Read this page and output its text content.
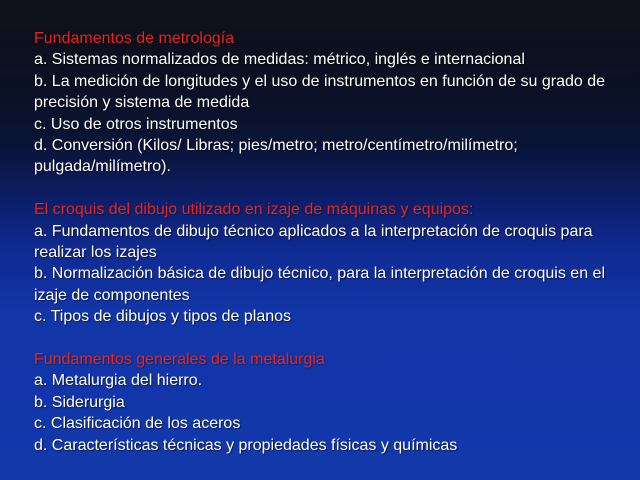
Fundamentos de metrología
a. Sistemas normalizados de medidas: métrico, inglés e internacional
b. La medición de longitudes y el uso de instrumentos en función de su grado de precisión y sistema de medida
c. Uso de otros instrumentos
d. Conversión (Kilos/ Libras; pies/metro; metro/centímetro/milímetro; pulgada/milímetro).
El croquis del dibujo utilizado en izaje de máquinas y equipos:
a. Fundamentos de dibujo técnico aplicados a la interpretación de croquis para realizar los izajes
b. Normalización básica de dibujo técnico, para la interpretación de croquis en el izaje de componentes
c. Tipos de dibujos y tipos de planos
Fundamentos generales de la metalurgia
a. Metalurgia del hierro.
b. Siderurgia
c. Clasificación de los aceros
d. Características técnicas y propiedades físicas y químicas
